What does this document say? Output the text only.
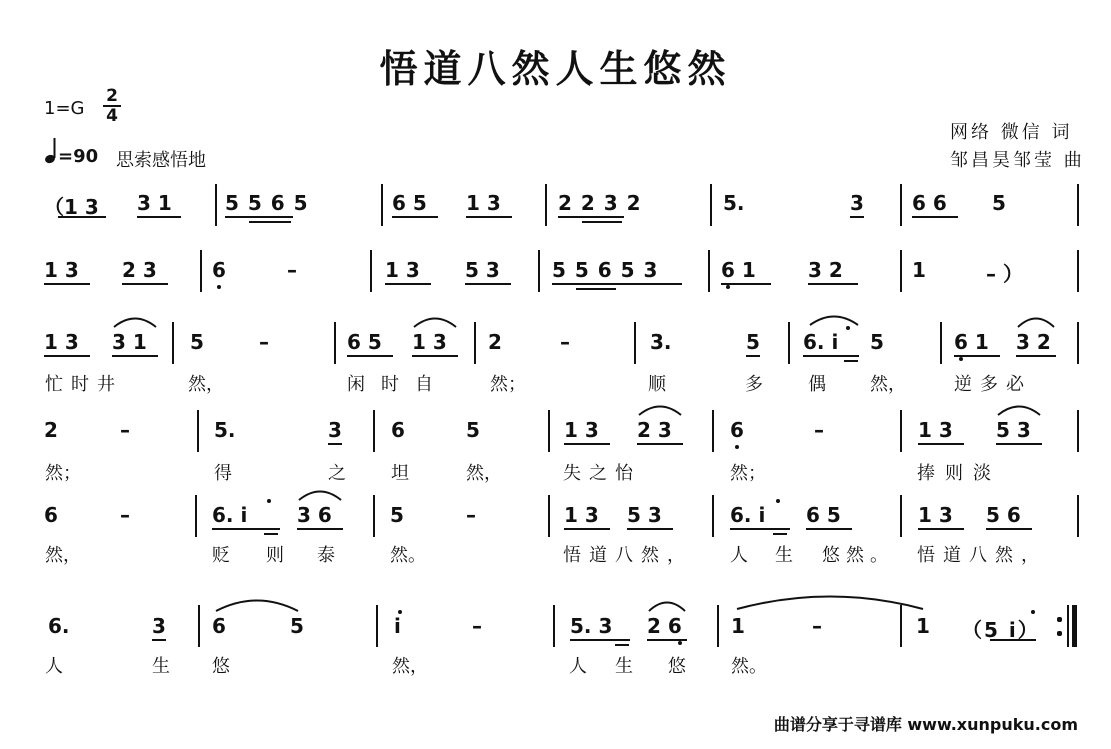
悟道八然人生悠然
1=G
2
4
=90 思索感悟地
网络 微信 词
邹昌昊邹莹 曲
（1 3 3 1	5 5 6 5	6 5 1 3	2 2 3 2	5.	3 6 6 5
1 3 2 3	6	–	1 3 5 3	5 5 6 5 3	6 1	3 2	1	– ）
1 3 3 1 5	–	6 5 1 3 2	–	3.	5 6. i 5	6 1 3 2
忙时井	然，	闲时自 然；	顺	多	偶 然，	逆多必
2	–	5.	3 6	5	1 3 2 3	6	–	1 3 5 3
然；	得	之	坦	然，	失之怡	然；	捧则淡
6	–	6. i 3 6	5	–	1 3 5 3	6. i 6 5	1 3 5 6
然，	贬 则 泰	然。	悟道八然， 人 生 悠然。 悟道八然，
6.	3 6	5	i	–	5. 3 2 6 1	–	1 （5 i）
人	生 悠	然，	人 生 悠	然。
曲谱分享于寻谱库 www.xunpuku.com
